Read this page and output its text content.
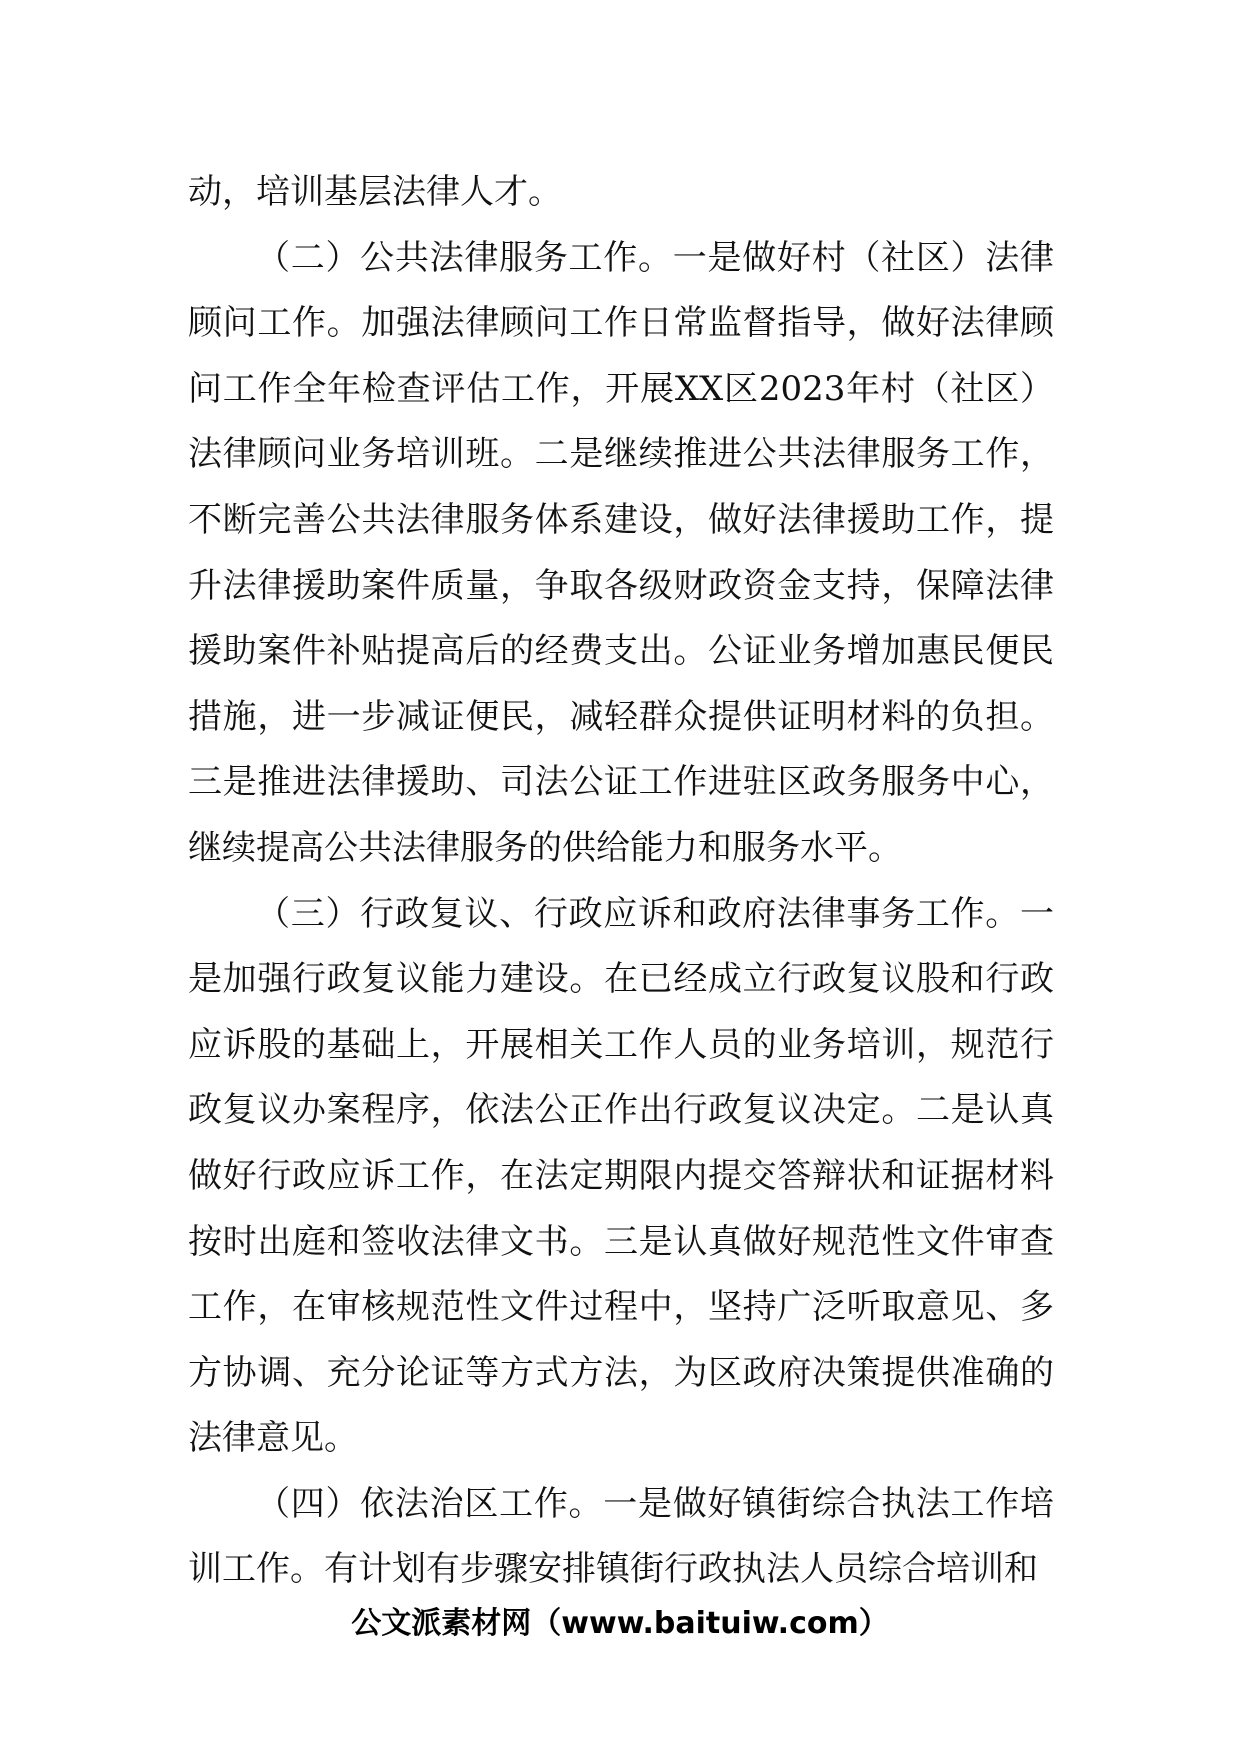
动，培训基层法律人才。

（二）公共法律服务工作。一是做好村（社区）法律顾问工作。加强法律顾问工作日常监督指导，做好法律顾问工作全年检查评估工作，开展XX区2023年村（社区）法律顾问业务培训班。二是继续推进公共法律服务工作，不断完善公共法律服务体系建设，做好法律援助工作，提升法律援助案件质量，争取各级财政资金支持，保障法律援助案件补贴提高后的经费支出。公证业务增加惠民便民措施，进一步减证便民，减轻群众提供证明材料的负担。三是推进法律援助、司法公证工作进驻区政务服务中心，继续提高公共法律服务的供给能力和服务水平。

（三）行政复议、行政应诉和政府法律事务工作。一是加强行政复议能力建设。在已经成立行政复议股和行政应诉股的基础上，开展相关工作人员的业务培训，规范行政复议办案程序，依法公正作出行政复议决定。二是认真做好行政应诉工作，在法定期限内提交答辩状和证据材料按时出庭和签收法律文书。三是认真做好规范性文件审查工作，在审核规范性文件过程中，坚持广泛听取意见、多方协调、充分论证等方式方法，为区政府决策提供准确的法律意见。

（四）依法治区工作。一是做好镇街综合执法工作培训工作。有计划有步骤安排镇街行政执法人员综合培训和

公文派素材网（www.baituiw.com）
